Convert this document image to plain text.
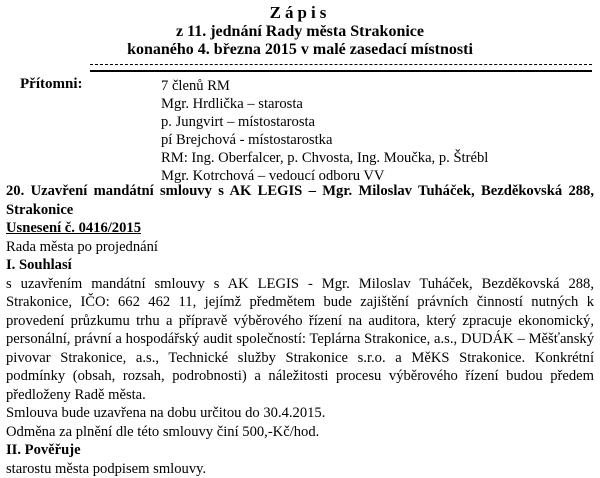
Zápis
z 11. jednání Rady města Strakonice
konaného 4. března 2015 v malé zasedací místnosti
Přítomni:	7 členů RM
Mgr. Hrdlička – starosta
p. Jungvirt – místostarosta
pí Brejchová - místostarostka
RM: Ing. Oberfalcer, p. Chvosta, Ing. Moučka, p. Štrébl
Mgr. Kotrchová – vedoucí odboru VV
20. Uzavření mandátní smlouvy s AK LEGIS – Mgr. Miloslav Tuháček, Bezděkovská 288, Strakonice
Usnesení č. 0416/2015
Rada města po projednání
I. Souhlasí
s uzavřením mandátní smlouvy s AK LEGIS - Mgr. Miloslav Tuháček, Bezděkovská 288, Strakonice, IČO: 662 462 11, jejímž předmětem bude zajištění právních činností nutných k provedení průzkumu trhu a přípravě výběrového řízení na auditora, který zpracuje ekonomický, personální, právní a hospodářský audit společností: Teplárna Strakonice, a.s., DUDÁK – Měšťanský pivovar Strakonice, a.s., Technické služby Strakonice s.r.o. a MěKS Strakonice. Konkrétní podmínky (obsah, rozsah, podrobnosti) a náležitosti procesu výběrového řízení budou předem předloženy Radě města.
Smlouva bude uzavřena na dobu určitou do 30.4.2015.
Odměna za plnění dle této smlouvy činí 500,-Kč/hod.
II. Pověřuje
starostu města podpisem smlouvy.
